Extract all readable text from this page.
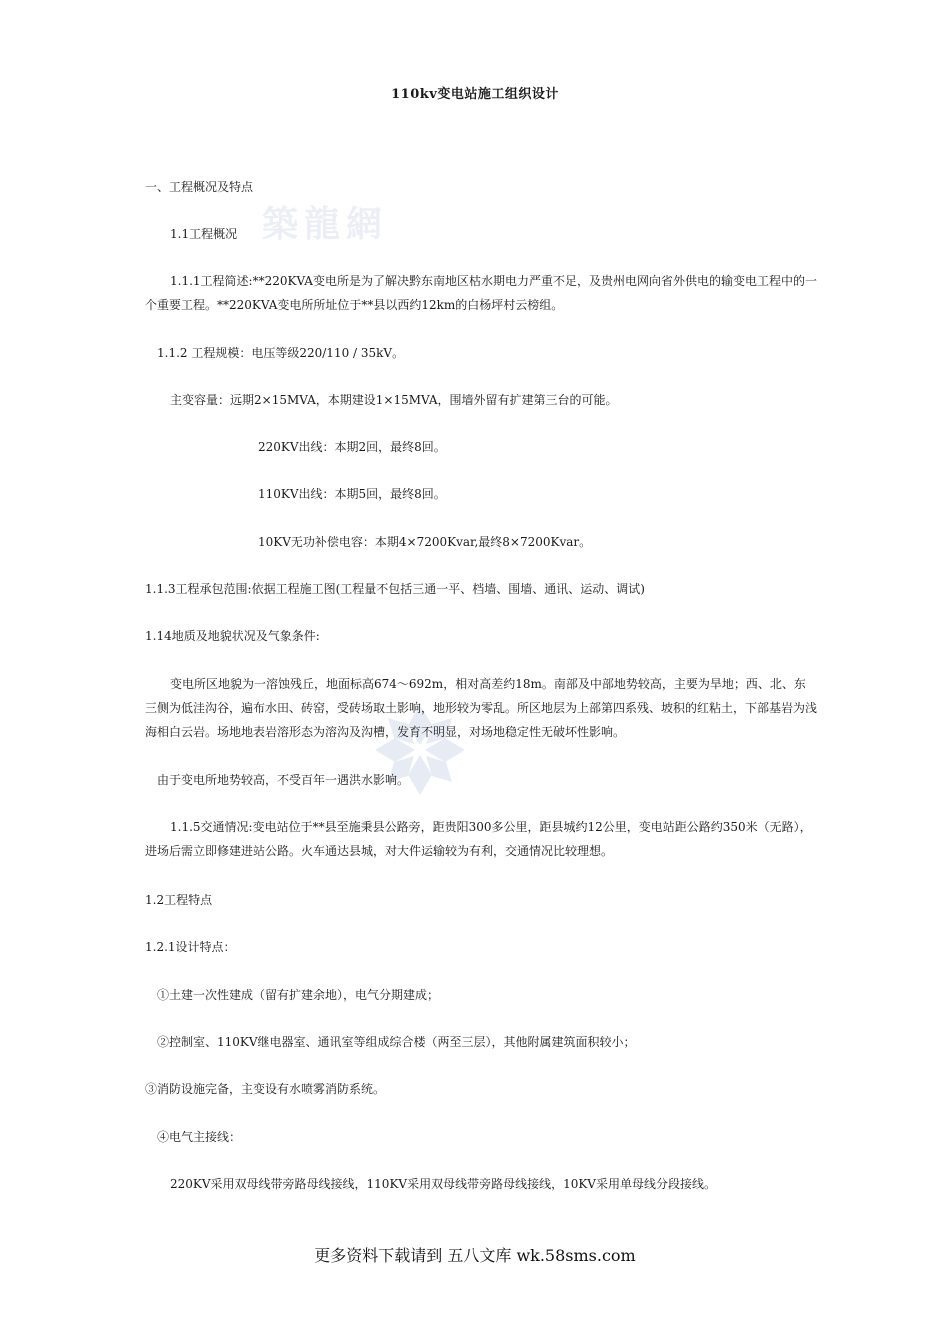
築龍網
110kv变电站施工组织设计
一、工程概况及特点
1.1工程概况
1.1.1工程简述:**220KVA变电所是为了解决黔东南地区枯水期电力严重不足，及贵州电网向省外供电的输变电工程中的一个重要工程。**220KVA变电所所址位于**县以西约12km的白杨坪村云榜组。
1.1.2 工程规模：电压等级220/110 / 35kV。
主变容量：远期2×15MVA，本期建设1×15MVA，围墙外留有扩建第三台的可能。
220KV出线：本期2回，最终8回。
110KV出线：本期5回，最终8回。
10KV无功补偿电容：本期4×7200Kvar,最终8×7200Kvar。
1.1.3工程承包范围:依据工程施工图(工程量不包括三通一平、档墙、围墙、通讯、运动、调试)
1.14地质及地貌状况及气象条件:
变电所区地貌为一溶蚀残丘，地面标高674～692m，相对高差约18m。南部及中部地势较高，主要为旱地；西、北、东三侧为低洼沟谷，遍布水田、砖窑，受砖场取土影响，地形较为零乱。所区地层为上部第四系残、坡积的红粘土，下部基岩为浅海相白云岩。场地地表岩溶形态为溶沟及沟槽，发育不明显，对场地稳定性无破坏性影响。
由于变电所地势较高，不受百年一遇洪水影响。
1.1.5交通情况:变电站位于**县至施秉县公路旁，距贵阳300多公里，距县城约12公里，变电站距公路约350米（无路），进场后需立即修建进站公路。火车通达县城，对大件运输较为有利，交通情况比较理想。
1.2工程特点
1.2.1设计特点：
①土建一次性建成（留有扩建余地），电气分期建成；
②控制室、110KV继电器室、通讯室等组成综合楼（两至三层），其他附属建筑面积较小；
③消防设施完备，主变设有水喷雾消防系统。
④电气主接线：
220KV采用双母线带旁路母线接线，110KV采用双母线带旁路母线接线，10KV采用单母线分段接线。
更多资料下载请到 五八文库 wk.58sms.com
